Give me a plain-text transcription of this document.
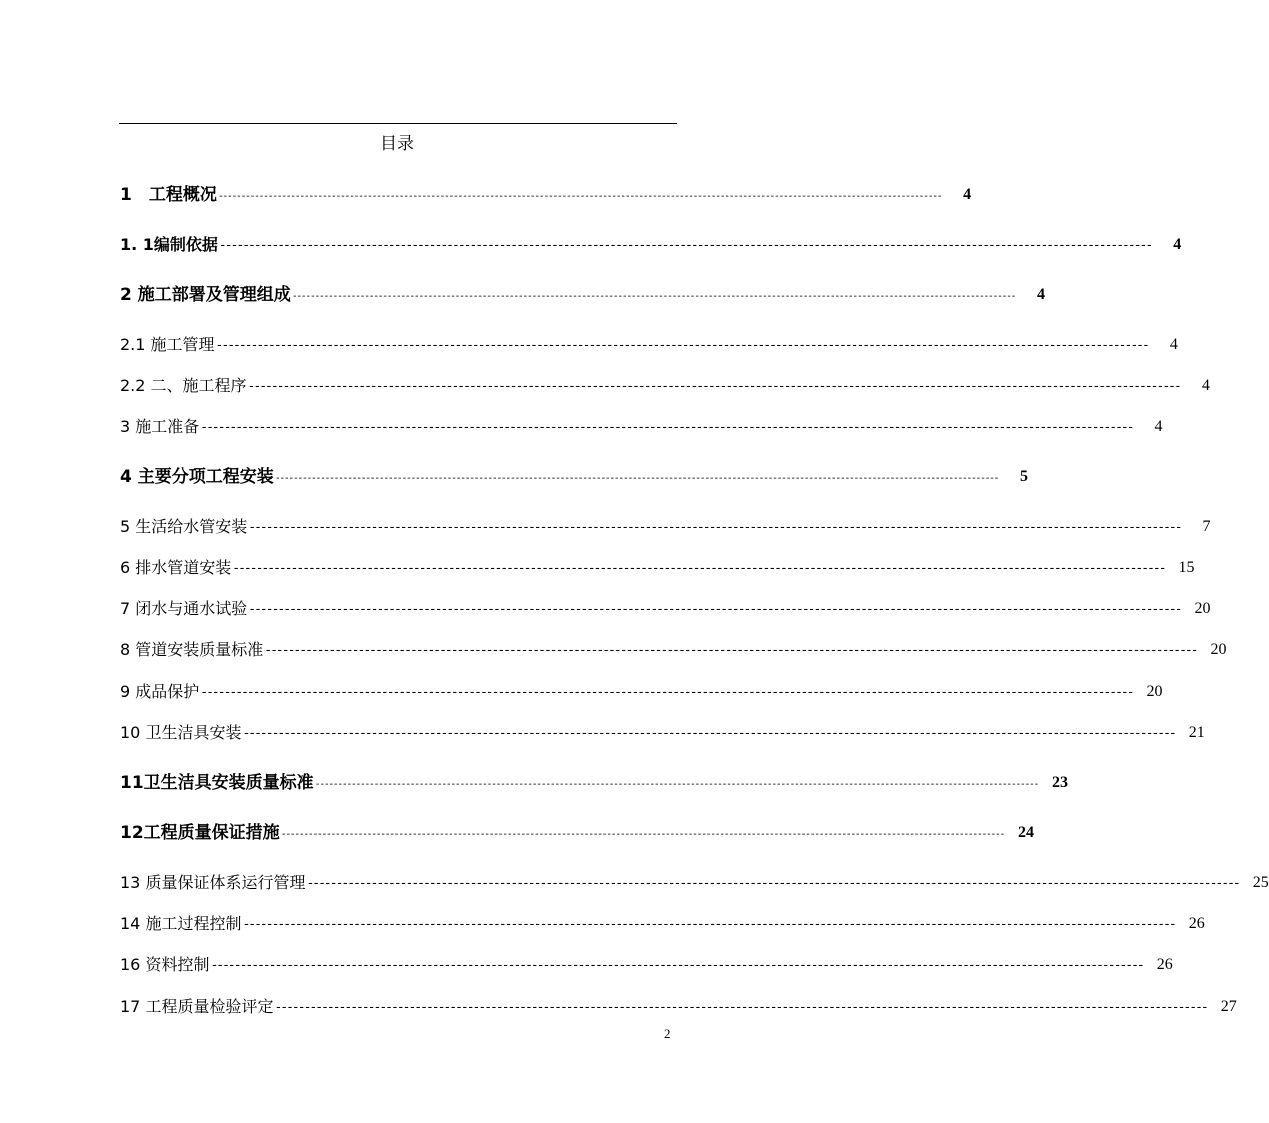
目录
1　工程概况 ----------------------------------------------------------------------------------------------------------------------------------------------------------------	4
1. 1编制依据 ----------------------------------------------------------------------------------------------------------------------------------------------------------------	4
2 施工部署及管理组成 ----------------------------------------------------------------------------------------------------------------------------------------------------------------	4
2.1 施工管理 ----------------------------------------------------------------------------------------------------------------------------------------------------------------	4
2.2 二、施工程序 ----------------------------------------------------------------------------------------------------------------------------------------------------------------	4
3 施工准备 ----------------------------------------------------------------------------------------------------------------------------------------------------------------	4
4 主要分项工程安装 ----------------------------------------------------------------------------------------------------------------------------------------------------------------	5
5 生活给水管安装 ----------------------------------------------------------------------------------------------------------------------------------------------------------------	7
6 排水管道安装 ---------------------------------------------------------------------------------------------------------------------------------------------------------------- 15
7 闭水与通水试验 ---------------------------------------------------------------------------------------------------------------------------------------------------------------- 20
8 管道安装质量标准 ---------------------------------------------------------------------------------------------------------------------------------------------------------------- 20
9 成品保护 ---------------------------------------------------------------------------------------------------------------------------------------------------------------- 20
10 卫生洁具安装 ---------------------------------------------------------------------------------------------------------------------------------------------------------------- 21
11卫生洁具安装质量标准 ---------------------------------------------------------------------------------------------------------------------------------------------------------------- 23
12工程质量保证措施 ---------------------------------------------------------------------------------------------------------------------------------------------------------------- 24
13 质量保证体系运行管理 ---------------------------------------------------------------------------------------------------------------------------------------------------------------- 25
14 施工过程控制 ---------------------------------------------------------------------------------------------------------------------------------------------------------------- 26
16 资料控制 ---------------------------------------------------------------------------------------------------------------------------------------------------------------- 26
17 工程质量检验评定 ---------------------------------------------------------------------------------------------------------------------------------------------------------------- 27
2
